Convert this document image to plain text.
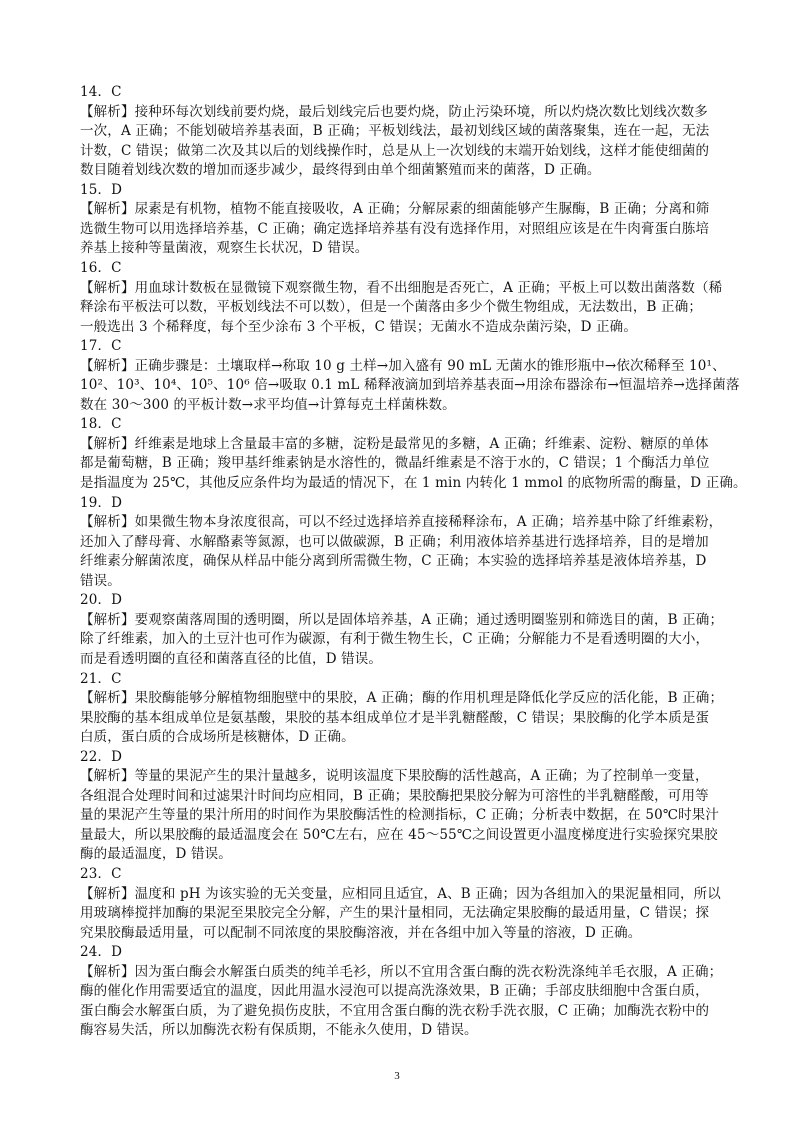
14．C
【解析】接种环每次划线前要灼烧，最后划线完后也要灼烧，防止污染环境，所以灼烧次数比划线次数多
一次，A 正确；不能划破培养基表面，B 正确；平板划线法，最初划线区域的菌落聚集，连在一起，无法
计数，C 错误；做第二次及其以后的划线操作时，总是从上一次划线的末端开始划线，这样才能使细菌的
数目随着划线次数的增加而逐步减少，最终得到由单个细菌繁殖而来的菌落，D 正确。
15．D
【解析】尿素是有机物，植物不能直接吸收，A 正确；分解尿素的细菌能够产生脲酶，B 正确；分离和筛
选微生物可以用选择培养基，C 正确；确定选择培养基有没有选择作用，对照组应该是在牛肉膏蛋白胨培
养基上接种等量菌液，观察生长状况，D 错误。
16．C
【解析】用血球计数板在显微镜下观察微生物，看不出细胞是否死亡，A 正确；平板上可以数出菌落数（稀
释涂布平板法可以数，平板划线法不可以数），但是一个菌落由多少个微生物组成，无法数出，B 正确；
一般选出 3 个稀释度，每个至少涂布 3 个平板，C 错误；无菌水不造成杂菌污染，D 正确。
17．C
【解析】正确步骤是：土壤取样→称取 10 g 土样→加入盛有 90 mL 无菌水的锥形瓶中→依次稀释至 10¹、
10²、10³、10⁴、10⁵、10⁶ 倍→吸取 0.1 mL 稀释液滴加到培养基表面→用涂布器涂布→恒温培养→选择菌落
数在 30～300 的平板计数→求平均值→计算每克土样菌株数。
18．C
【解析】纤维素是地球上含量最丰富的多糖，淀粉是最常见的多糖，A 正确；纤维素、淀粉、糖原的单体
都是葡萄糖，B 正确；羧甲基纤维素钠是水溶性的，微晶纤维素是不溶于水的，C 错误；1 个酶活力单位
是指温度为 25℃，其他反应条件均为最适的情况下，在 1 min 内转化 1 mmol 的底物所需的酶量，D 正确。
19．D
【解析】如果微生物本身浓度很高，可以不经过选择培养直接稀释涂布，A 正确；培养基中除了纤维素粉，
还加入了酵母膏、水解酪素等氮源，也可以做碳源，B 正确；利用液体培养基进行选择培养，目的是增加
纤维素分解菌浓度，确保从样品中能分离到所需微生物，C 正确；本实验的选择培养基是液体培养基，D
错误。
20．D
【解析】要观察菌落周围的透明圈，所以是固体培养基，A 正确；通过透明圈鉴别和筛选目的菌，B 正确；
除了纤维素，加入的土豆汁也可作为碳源，有利于微生物生长，C 正确；分解能力不是看透明圈的大小，
而是看透明圈的直径和菌落直径的比值，D 错误。
21．C
【解析】果胶酶能够分解植物细胞壁中的果胶，A 正确；酶的作用机理是降低化学反应的活化能，B 正确；
果胶酶的基本组成单位是氨基酸，果胶的基本组成单位才是半乳糖醛酸，C 错误；果胶酶的化学本质是蛋
白质，蛋白质的合成场所是核糖体，D 正确。
22．D
【解析】等量的果泥产生的果汁量越多，说明该温度下果胶酶的活性越高，A 正确；为了控制单一变量，
各组混合处理时间和过滤果汁时间均应相同，B 正确；果胶酶把果胶分解为可溶性的半乳糖醛酸，可用等
量的果泥产生等量的果汁所用的时间作为果胶酶活性的检测指标，C 正确；分析表中数据，在 50℃时果汁
量最大，所以果胶酶的最适温度会在 50℃左右，应在 45～55℃之间设置更小温度梯度进行实验探究果胶
酶的最适温度，D 错误。
23．C
【解析】温度和 pH 为该实验的无关变量，应相同且适宜，A、B 正确；因为各组加入的果泥量相同，所以
用玻璃棒搅拌加酶的果泥至果胶完全分解，产生的果汁量相同，无法确定果胶酶的最适用量，C 错误；探
究果胶酶最适用量，可以配制不同浓度的果胶酶溶液，并在各组中加入等量的溶液，D 正确。
24．D
【解析】因为蛋白酶会水解蛋白质类的纯羊毛衫，所以不宜用含蛋白酶的洗衣粉洗涤纯羊毛衣服，A 正确；
酶的催化作用需要适宜的温度，因此用温水浸泡可以提高洗涤效果，B 正确；手部皮肤细胞中含蛋白质，
蛋白酶会水解蛋白质，为了避免损伤皮肤，不宜用含蛋白酶的洗衣粉手洗衣服，C 正确；加酶洗衣粉中的
酶容易失活，所以加酶洗衣粉有保质期，不能永久使用，D 错误。
3
